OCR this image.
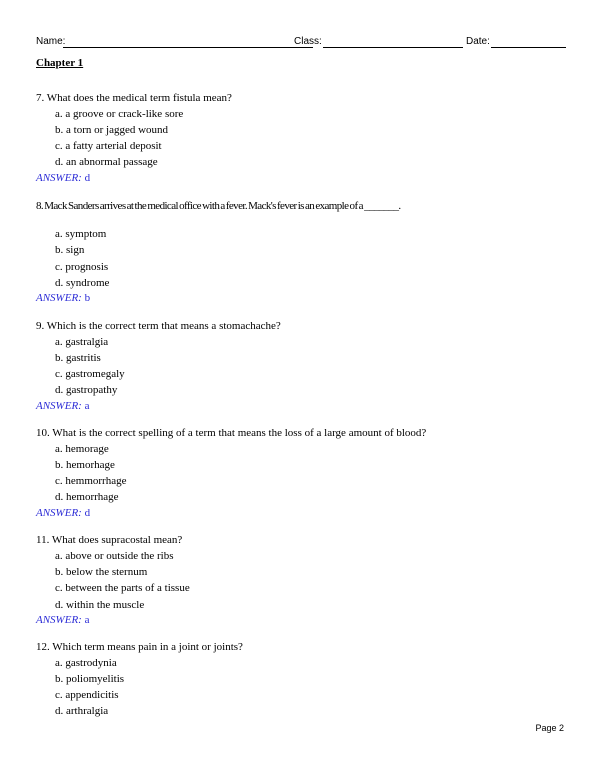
Name:	Class:	Date:
Chapter 1
7. What does the medical term fistula mean?
a. a groove or crack-like sore
b. a torn or jagged wound
c. a fatty arterial deposit
d. an abnormal passage
ANSWER: d
8. Mack Sanders arrives at the medical office with a fever. Mack's fever is an example of a _______.
a. symptom
b. sign
c. prognosis
d. syndrome
ANSWER: b
9. Which is the correct term that means a stomachache?
a. gastralgia
b. gastritis
c. gastromegaly
d. gastropathy
ANSWER: a
10. What is the correct spelling of a term that means the loss of a large amount of blood?
a. hemorage
b. hemorhage
c. hemmorrhage
d. hemorrhage
ANSWER: d
11. What does supracostal mean?
a. above or outside the ribs
b. below the sternum
c. between the parts of a tissue
d. within the muscle
ANSWER: a
12. Which term means pain in a joint or joints?
a. gastrodynia
b. poliomyelitis
c. appendicitis
d. arthralgia
Page 2
